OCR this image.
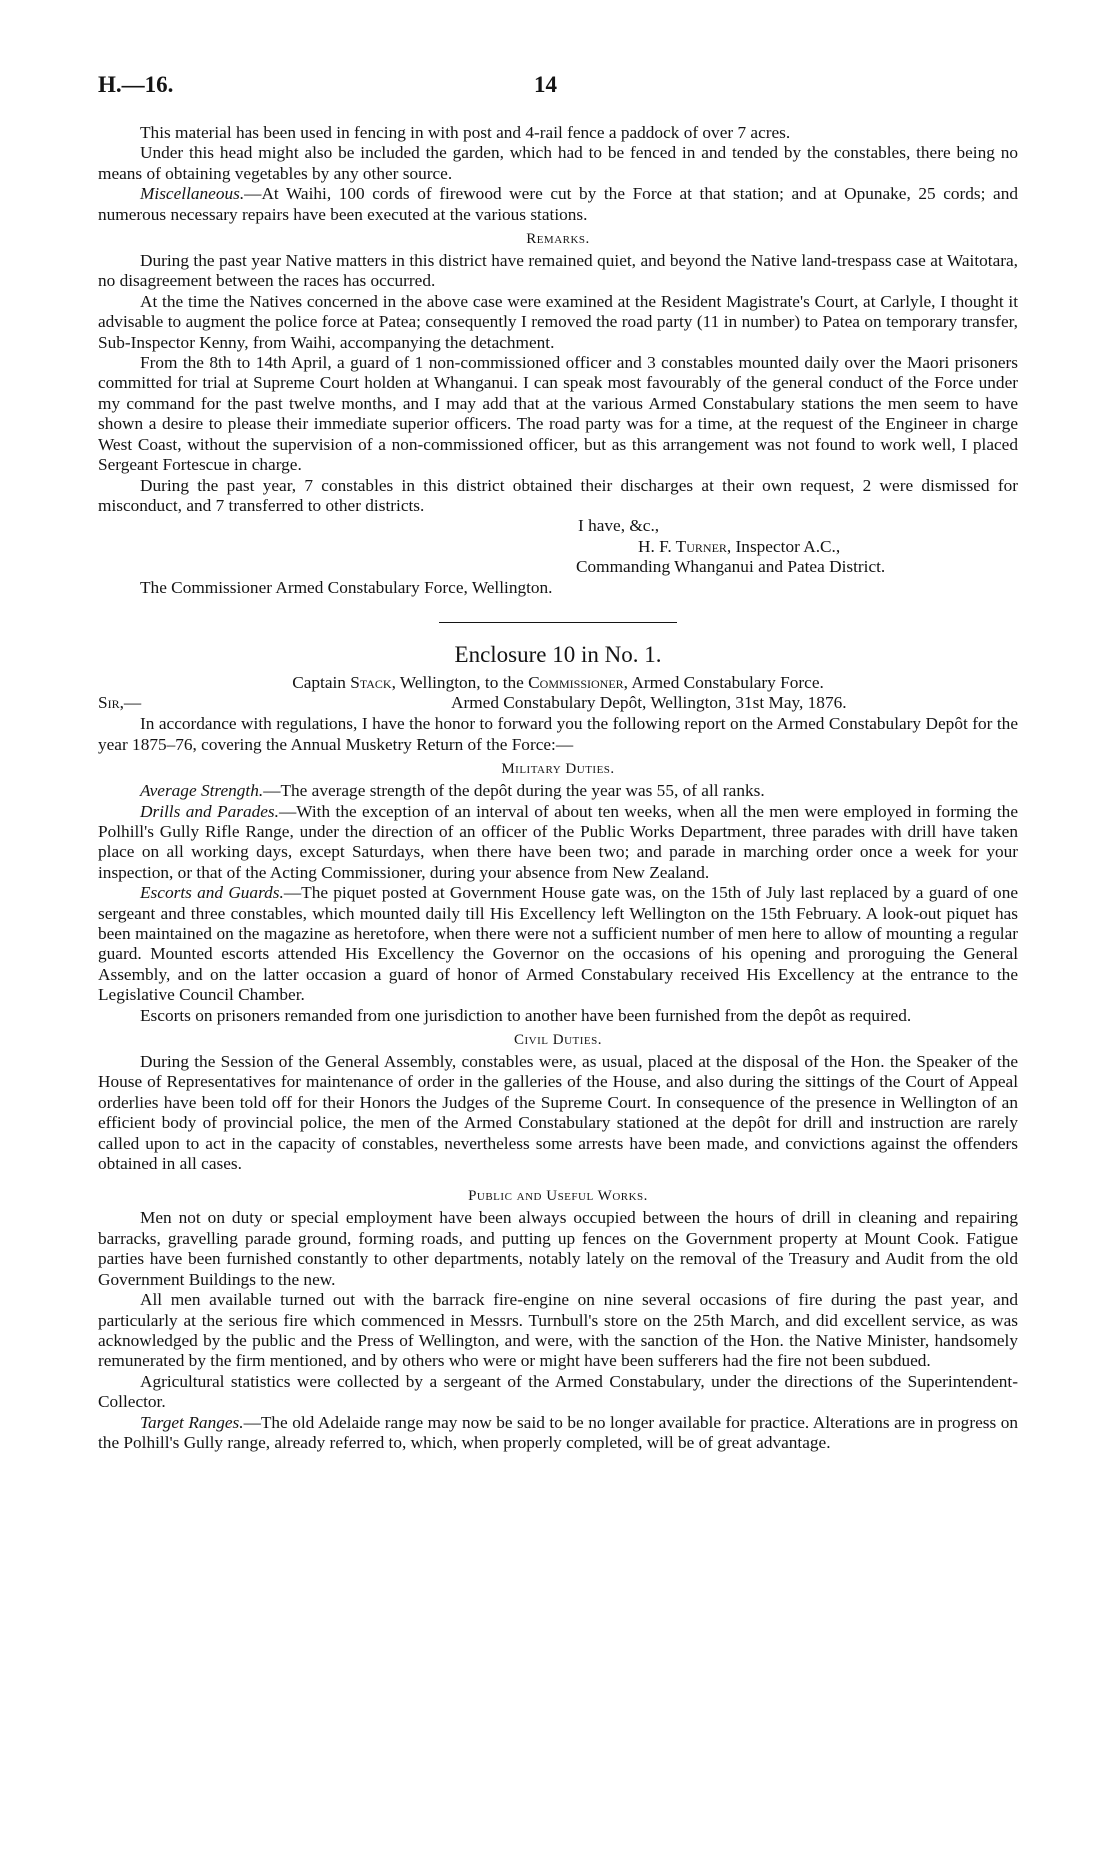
H.—16.	14

This material has been used in fencing in with post and 4-rail fence a paddock of over 7 acres.

Under this head might also be included the garden, which had to be fenced in and tended by the constables, there being no means of obtaining vegetables by any other source.

Miscellaneous.—At Waihi, 100 cords of firewood were cut by the Force at that station; and at Opunake, 25 cords; and numerous necessary repairs have been executed at the various stations.

Remarks.

During the past year Native matters in this district have remained quiet, and beyond the Native land-trespass case at Waitotara, no disagreement between the races has occurred.

At the time the Natives concerned in the above case were examined at the Resident Magistrate's Court, at Carlyle, I thought it advisable to augment the police force at Patea; consequently I removed the road party (11 in number) to Patea on temporary transfer, Sub-Inspector Kenny, from Waihi, accompanying the detachment.

From the 8th to 14th April, a guard of 1 non-commissioned officer and 3 constables mounted daily over the Maori prisoners committed for trial at Supreme Court holden at Whanganui. I can speak most favourably of the general conduct of the Force under my command for the past twelve months, and I may add that at the various Armed Constabulary stations the men seem to have shown a desire to please their immediate superior officers. The road party was for a time, at the request of the Engineer in charge West Coast, without the supervision of a non-commissioned officer, but as this arrangement was not found to work well, I placed Sergeant Fortescue in charge.

During the past year, 7 constables in this district obtained their discharges at their own request, 2 were dismissed for misconduct, and 7 transferred to other districts.

I have, &c.,

H. F. Turner, Inspector A.C.,

Commanding Whanganui and Patea District.

The Commissioner Armed Constabulary Force, Wellington.

Enclosure 10 in No. 1.

Captain Stack, Wellington, to the Commissioner, Armed Constabulary Force.

Sir,—	Armed Constabulary Depôt, Wellington, 31st May, 1876.

In accordance with regulations, I have the honor to forward you the following report on the Armed Constabulary Depôt for the year 1875–76, covering the Annual Musketry Return of the Force:—

Military Duties.

Average Strength.—The average strength of the depôt during the year was 55, of all ranks.

Drills and Parades.—With the exception of an interval of about ten weeks, when all the men were employed in forming the Polhill's Gully Rifle Range, under the direction of an officer of the Public Works Department, three parades with drill have taken place on all working days, except Saturdays, when there have been two; and parade in marching order once a week for your inspection, or that of the Acting Commissioner, during your absence from New Zealand.

Escorts and Guards.—The piquet posted at Government House gate was, on the 15th of July last replaced by a guard of one sergeant and three constables, which mounted daily till His Excellency left Wellington on the 15th February. A look-out piquet has been maintained on the magazine as heretofore, when there were not a sufficient number of men here to allow of mounting a regular guard. Mounted escorts attended His Excellency the Governor on the occasions of his opening and proroguing the General Assembly, and on the latter occasion a guard of honor of Armed Constabulary received His Excellency at the entrance to the Legislative Council Chamber.

Escorts on prisoners remanded from one jurisdiction to another have been furnished from the depôt as required.

Civil Duties.

During the Session of the General Assembly, constables were, as usual, placed at the disposal of the Hon. the Speaker of the House of Representatives for maintenance of order in the galleries of the House, and also during the sittings of the Court of Appeal orderlies have been told off for their Honors the Judges of the Supreme Court. In consequence of the presence in Wellington of an efficient body of provincial police, the men of the Armed Constabulary stationed at the depôt for drill and instruction are rarely called upon to act in the capacity of constables, nevertheless some arrests have been made, and convictions against the offenders obtained in all cases.

Public and Useful Works.

Men not on duty or special employment have been always occupied between the hours of drill in cleaning and repairing barracks, gravelling parade ground, forming roads, and putting up fences on the Government property at Mount Cook. Fatigue parties have been furnished constantly to other departments, notably lately on the removal of the Treasury and Audit from the old Government Buildings to the new.

All men available turned out with the barrack fire-engine on nine several occasions of fire during the past year, and particularly at the serious fire which commenced in Messrs. Turnbull's store on the 25th March, and did excellent service, as was acknowledged by the public and the Press of Wellington, and were, with the sanction of the Hon. the Native Minister, handsomely remunerated by the firm mentioned, and by others who were or might have been sufferers had the fire not been subdued.

Agricultural statistics were collected by a sergeant of the Armed Constabulary, under the directions of the Superintendent-Collector.

Target Ranges.—The old Adelaide range may now be said to be no longer available for practice. Alterations are in progress on the Polhill's Gully range, already referred to, which, when properly completed, will be of great advantage.
